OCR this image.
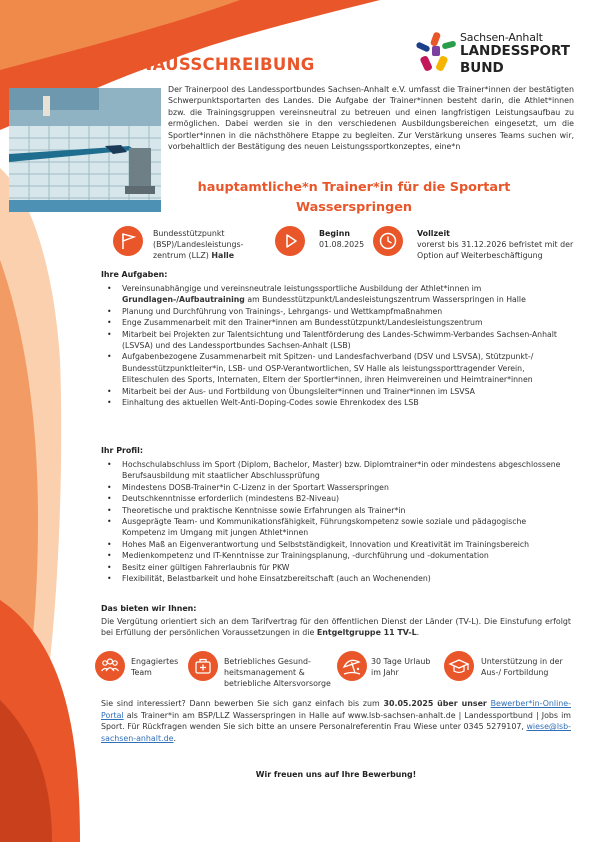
Sachsen-Anhalt
LANDESSPORT
BUND
STELLENAUSSCHREIBUNG
Der Trainerpool des Landessportbundes Sachsen-Anhalt e.V. umfasst die Trainer*innen der bestätigten Schwerpunktsportarten des Landes. Die Aufgabe der Trainer*innen besteht darin, die Athlet*innen bzw. die Trainingsgruppen vereinsneutral zu betreuen und einen langfristigen Leistungsaufbau zu ermöglichen. Dabei werden sie in den verschiedenen Ausbildungsbereichen eingesetzt, um die Sportler*innen in die nächsthöhere Etappe zu begleiten. Zur Verstärkung unseres Teams suchen wir, vorbehaltlich der Bestätigung des neuen Leistungssportkonzeptes, eine*n
hauptamtliche*n Trainer*in für die Sportart
Wasserspringen
Bundesstützpunkt
(BSP)/Landesleistungs-
zentrum (LLZ) Halle
Beginn
01.08.2025
Vollzeit
vorerst bis 31.12.2026 befristet mit der
Option auf Weiterbeschäftigung
Ihre Aufgaben:
• Vereinsunabhängige und vereinsneutrale leistungssportliche Ausbildung der Athlet*innen im Grundlagen-/Aufbautraining am Bundesstützpunkt/Landesleistungszentrum Wasserspringen in Halle
• Planung und Durchführung von Trainings-, Lehrgangs- und Wettkampfmaßnahmen
• Enge Zusammenarbeit mit den Trainer*innen am Bundesstützpunkt/Landesleistungszentrum
• Mitarbeit bei Projekten zur Talentsichtung und Talentförderung des Landes-Schwimm-Verbandes Sachsen-Anhalt (LSVSA) und des Landessportbundes Sachsen-Anhalt (LSB)
• Aufgabenbezogene Zusammenarbeit mit Spitzen- und Landesfachverband (DSV und LSVSA), Stützpunkt-/ Bundesstützpunktleiter*in, LSB- und OSP-Verantwortlichen, SV Halle als leistungssporttragender Verein, Eliteschulen des Sports, Internaten, Eltern der Sportler*innen, ihren Heimvereinen und Heimtrainer*innen
• Mitarbeit bei der Aus- und Fortbildung von Übungsleiter*innen und Trainer*innen im LSVSA
• Einhaltung des aktuellen Welt-Anti-Doping-Codes sowie Ehrenkodex des LSB
Ihr Profil:
• Hochschulabschluss im Sport (Diplom, Bachelor, Master) bzw. Diplomtrainer*in oder mindestens abgeschlossene Berufsausbildung mit staatlicher Abschlussprüfung
• Mindestens DOSB-Trainer*in C-Lizenz in der Sportart Wasserspringen
• Deutschkenntnisse erforderlich (mindestens B2-Niveau)
• Theoretische und praktische Kenntnisse sowie Erfahrungen als Trainer*in
• Ausgeprägte Team- und Kommunikationsfähigkeit, Führungskompetenz sowie soziale und pädagogische Kompetenz im Umgang mit jungen Athlet*innen
• Hohes Maß an Eigenverantwortung und Selbstständigkeit, Innovation und Kreativität im Trainingsbereich
• Medienkompetenz und IT-Kenntnisse zur Trainingsplanung, -durchführung und -dokumentation
• Besitz einer gültigen Fahrerlaubnis für PKW
• Flexibilität, Belastbarkeit und hohe Einsatzbereitschaft (auch an Wochenenden)
Das bieten wir Ihnen:
Die Vergütung orientiert sich an dem Tarifvertrag für den öffentlichen Dienst der Länder (TV-L). Die Einstufung erfolgt bei Erfüllung der persönlichen Voraussetzungen in die Entgeltgruppe 11 TV-L.
Engagiertes
Team
Betriebliches Gesund-
heitsmanagement &
betriebliche Altersvorsorge
30 Tage Urlaub
im Jahr
Unterstützung in der
Aus-/ Fortbildung
Sie sind interessiert? Dann bewerben Sie sich ganz einfach bis zum 30.05.2025 über unser Bewerber*in-Online-Portal als Trainer*in am BSP/LLZ Wasserspringen in Halle auf www.lsb-sachsen-anhalt.de | Landessportbund | Jobs im Sport. Für Rückfragen wenden Sie sich bitte an unsere Personalreferentin Frau Wiese unter 0345 5279107, wiese@lsb-sachsen-anhalt.de.
Wir freuen uns auf Ihre Bewerbung!
